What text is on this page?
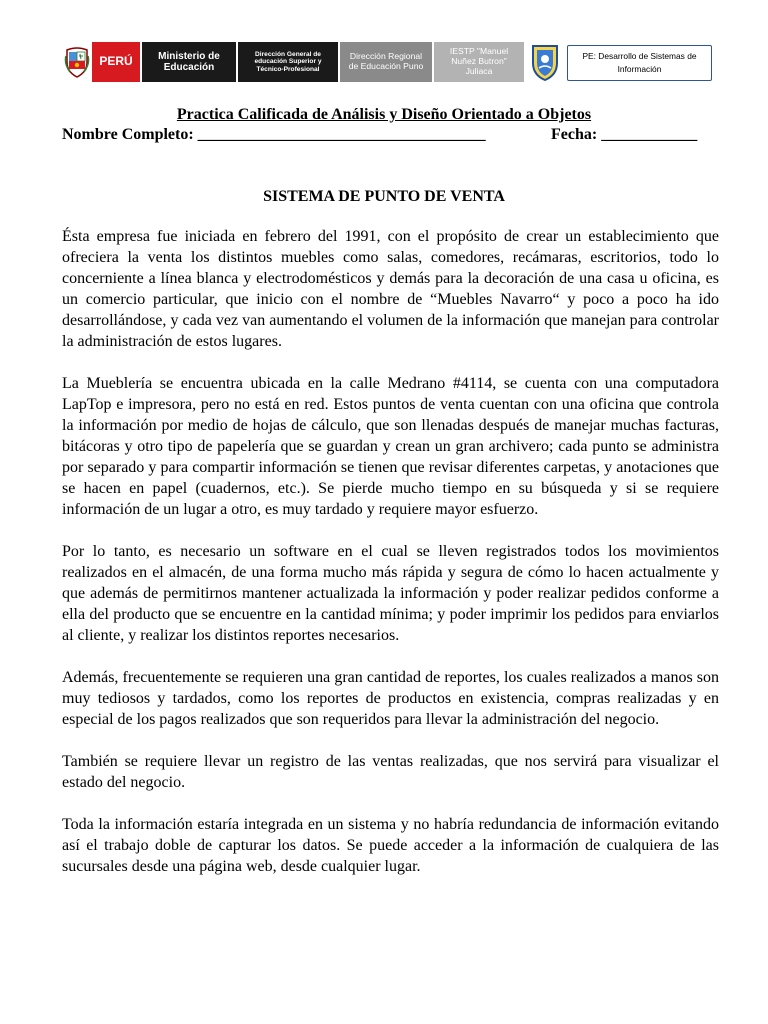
PERÚ	Ministerio de Educación
Dirección General de educación Superior y Técnico-Profesional
Dirección Regional de Educación Puno
IESTP "Manuel Nuñez Butron" Juliaca
PE: Desarrollo de Sistemas de Información
Practica Calificada de Análisis y Diseño Orientado a Objetos
Nombre Completo: ____________________________________	Fecha: ____________
SISTEMA DE PUNTO DE VENTA

Ésta empresa fue iniciada en febrero del 1991, con el propósito de crear un establecimiento que ofreciera la venta los distintos muebles como salas, comedores, recámaras, escritorios, todo lo concerniente a línea blanca y electrodomésticos y demás para la decoración de una casa u oficina, es un comercio particular, que inicio con el nombre de “Muebles Navarro“ y poco a poco ha ido desarrollándose, y cada vez van aumentando el volumen de la información que manejan para controlar la administración de estos lugares.

La Mueblería se encuentra ubicada en la calle Medrano #4114, se cuenta con una computadora LapTop e impresora, pero no está en red. Estos puntos de venta cuentan con una oficina que controla la información por medio de hojas de cálculo, que son llenadas después de manejar muchas facturas, bitácoras y otro tipo de papelería que se guardan y crean un gran archivero; cada punto se administra por separado y para compartir información se tienen que revisar diferentes carpetas, y anotaciones que se hacen en papel (cuadernos, etc.). Se pierde mucho tiempo en su búsqueda y si se requiere información de un lugar a otro, es muy tardado y requiere mayor esfuerzo.

Por lo tanto, es necesario un software en el cual se lleven registrados todos los movimientos realizados en el almacén, de una forma mucho más rápida y segura de cómo lo hacen actualmente y que además de permitirnos mantener actualizada la información y poder realizar pedidos conforme a ella del producto que se encuentre en la cantidad mínima; y poder imprimir los pedidos para enviarlos al cliente, y realizar los distintos reportes necesarios.

Además, frecuentemente se requieren una gran cantidad de reportes, los cuales realizados a manos son muy tediosos y tardados, como los reportes de productos en existencia, compras realizadas y en especial de los pagos realizados que son requeridos para llevar la administración del negocio.

También se requiere llevar un registro de las ventas realizadas, que nos servirá para visualizar el estado del negocio.

Toda la información estaría integrada en un sistema y no habría redundancia de información evitando así el trabajo doble de capturar los datos. Se puede acceder a la información de cualquiera de las sucursales desde una página web, desde cualquier lugar.
